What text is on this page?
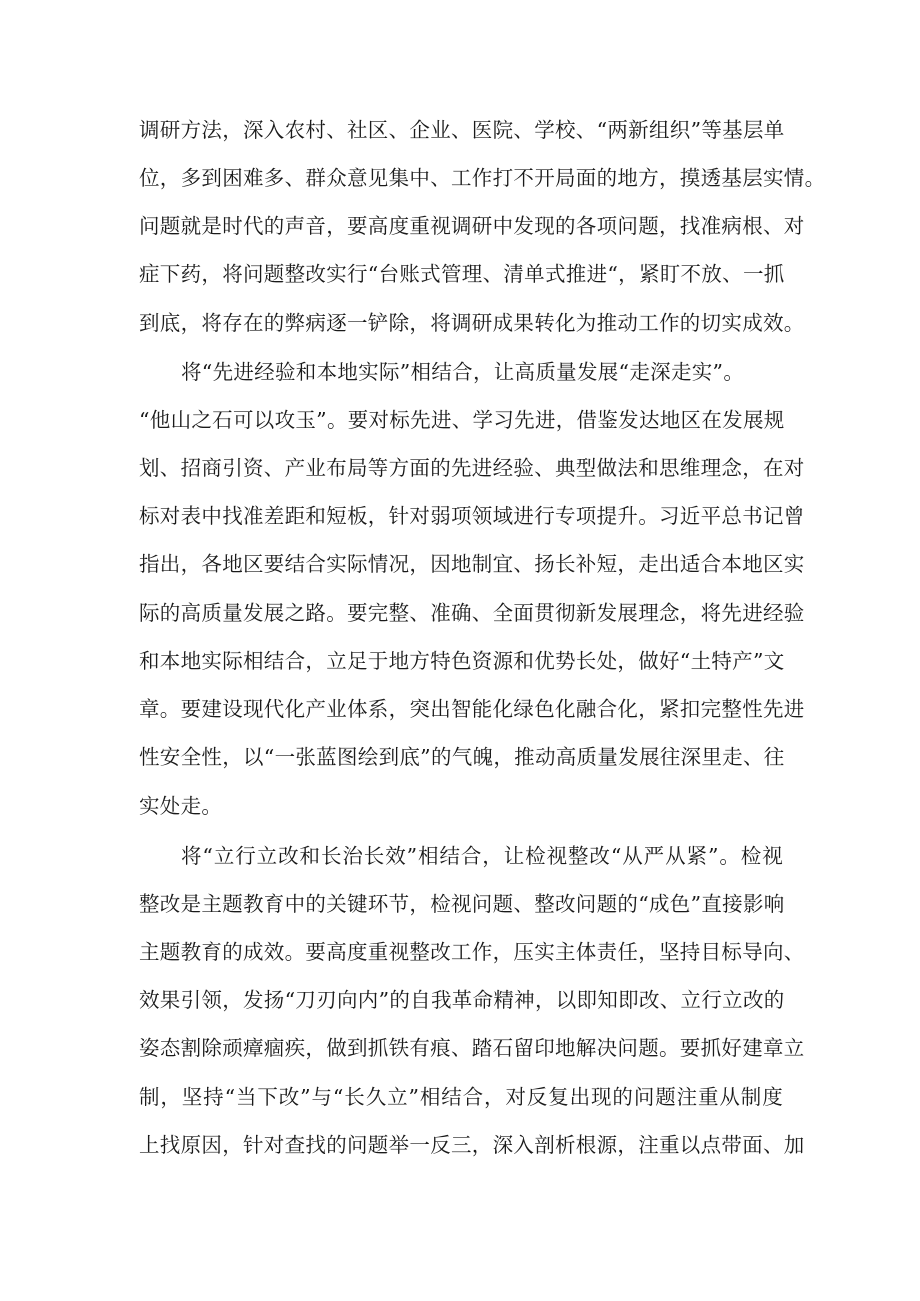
调研方法，深入农村、社区、企业、医院、学校、“两新组织”等基层单
位，多到困难多、群众意见集中、工作打不开局面的地方，摸透基层实情。
问题就是时代的声音，要高度重视调研中发现的各项问题，找准病根、对
症下药，将问题整改实行“台账式管理、清单式推进“，紧盯不放、一抓
到底，将存在的弊病逐一铲除，将调研成果转化为推动工作的切实成效。
将“先进经验和本地实际”相结合，让高质量发展“走深走实”。
“他山之石可以攻玉”。要对标先进、学习先进，借鉴发达地区在发展规
划、招商引资、产业布局等方面的先进经验、典型做法和思维理念，在对
标对表中找准差距和短板，针对弱项领域进行专项提升。习近平总书记曾
指出，各地区要结合实际情况，因地制宜、扬长补短，走出适合本地区实
际的高质量发展之路。要完整、准确、全面贯彻新发展理念，将先进经验
和本地实际相结合，立足于地方特色资源和优势长处，做好“土特产”文
章。要建设现代化产业体系，突出智能化绿色化融合化，紧扣完整性先进
性安全性，以“一张蓝图绘到底”的气魄，推动高质量发展往深里走、往
实处走。
将“立行立改和长治长效”相结合，让检视整改“从严从紧”。检视
整改是主题教育中的关键环节，检视问题、整改问题的“成色”直接影响
主题教育的成效。要高度重视整改工作，压实主体责任，坚持目标导向、
效果引领，发扬“刀刃向内”的自我革命精神，以即知即改、立行立改的
姿态割除顽瘴痼疾，做到抓铁有痕、踏石留印地解决问题。要抓好建章立
制，坚持“当下改”与“长久立”相结合，对反复出现的问题注重从制度
上找原因，针对查找的问题举一反三，深入剖析根源，注重以点带面、加
